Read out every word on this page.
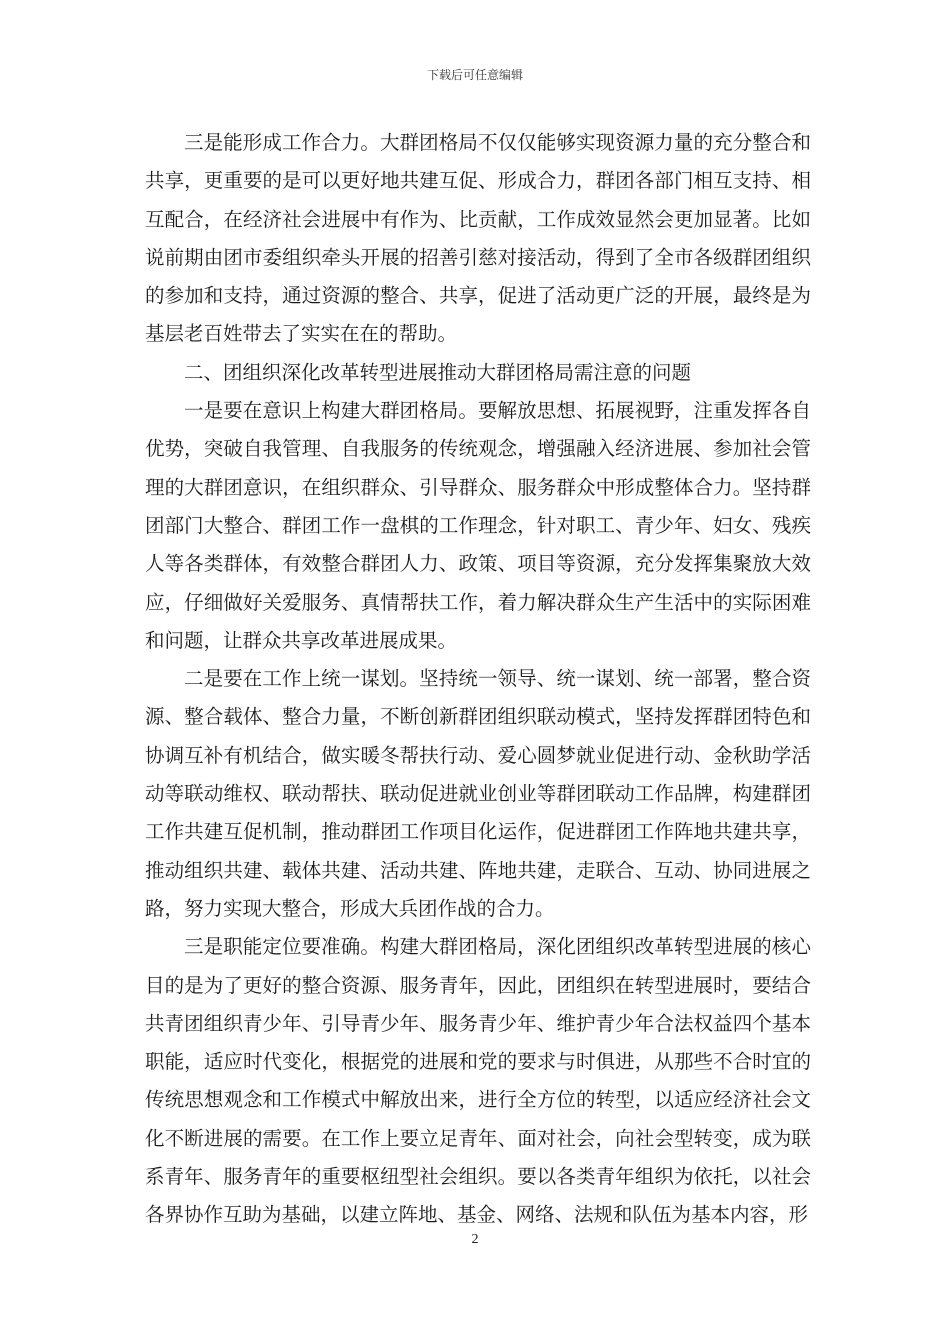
下载后可任意编辑

三是能形成工作合力。大群团格局不仅仅能够实现资源力量的充分整合和共享，更重要的是可以更好地共建互促、形成合力，群团各部门相互支持、相互配合，在经济社会进展中有作为、比贡献，工作成效显然会更加显著。比如说前期由团市委组织牵头开展的招善引慈对接活动，得到了全市各级群团组织的参加和支持，通过资源的整合、共享，促进了活动更广泛的开展，最终是为基层老百姓带去了实实在在的帮助。

二、团组织深化改革转型进展推动大群团格局需注意的问题

一是要在意识上构建大群团格局。要解放思想、拓展视野，注重发挥各自优势，突破自我管理、自我服务的传统观念，增强融入经济进展、参加社会管理的大群团意识，在组织群众、引导群众、服务群众中形成整体合力。坚持群团部门大整合、群团工作一盘棋的工作理念，针对职工、青少年、妇女、残疾人等各类群体，有效整合群团人力、政策、项目等资源，充分发挥集聚放大效应，仔细做好关爱服务、真情帮扶工作，着力解决群众生产生活中的实际困难和问题，让群众共享改革进展成果。

二是要在工作上统一谋划。坚持统一领导、统一谋划、统一部署，整合资源、整合载体、整合力量，不断创新群团组织联动模式，坚持发挥群团特色和协调互补有机结合，做实暖冬帮扶行动、爱心圆梦就业促进行动、金秋助学活动等联动维权、联动帮扶、联动促进就业创业等群团联动工作品牌，构建群团工作共建互促机制，推动群团工作项目化运作，促进群团工作阵地共建共享，推动组织共建、载体共建、活动共建、阵地共建，走联合、互动、协同进展之路，努力实现大整合，形成大兵团作战的合力。

三是职能定位要准确。构建大群团格局，深化团组织改革转型进展的核心目的是为了更好的整合资源、服务青年，因此，团组织在转型进展时，要结合共青团组织青少年、引导青少年、服务青少年、维护青少年合法权益四个基本职能，适应时代变化，根据党的进展和党的要求与时俱进，从那些不合时宜的传统思想观念和工作模式中解放出来，进行全方位的转型，以适应经济社会文化不断进展的需要。在工作上要立足青年、面对社会，向社会型转变，成为联系青年、服务青年的重要枢纽型社会组织。要以各类青年组织为依托，以社会各界协作互助为基础，以建立阵地、基金、网络、法规和队伍为基本内容，形

2
